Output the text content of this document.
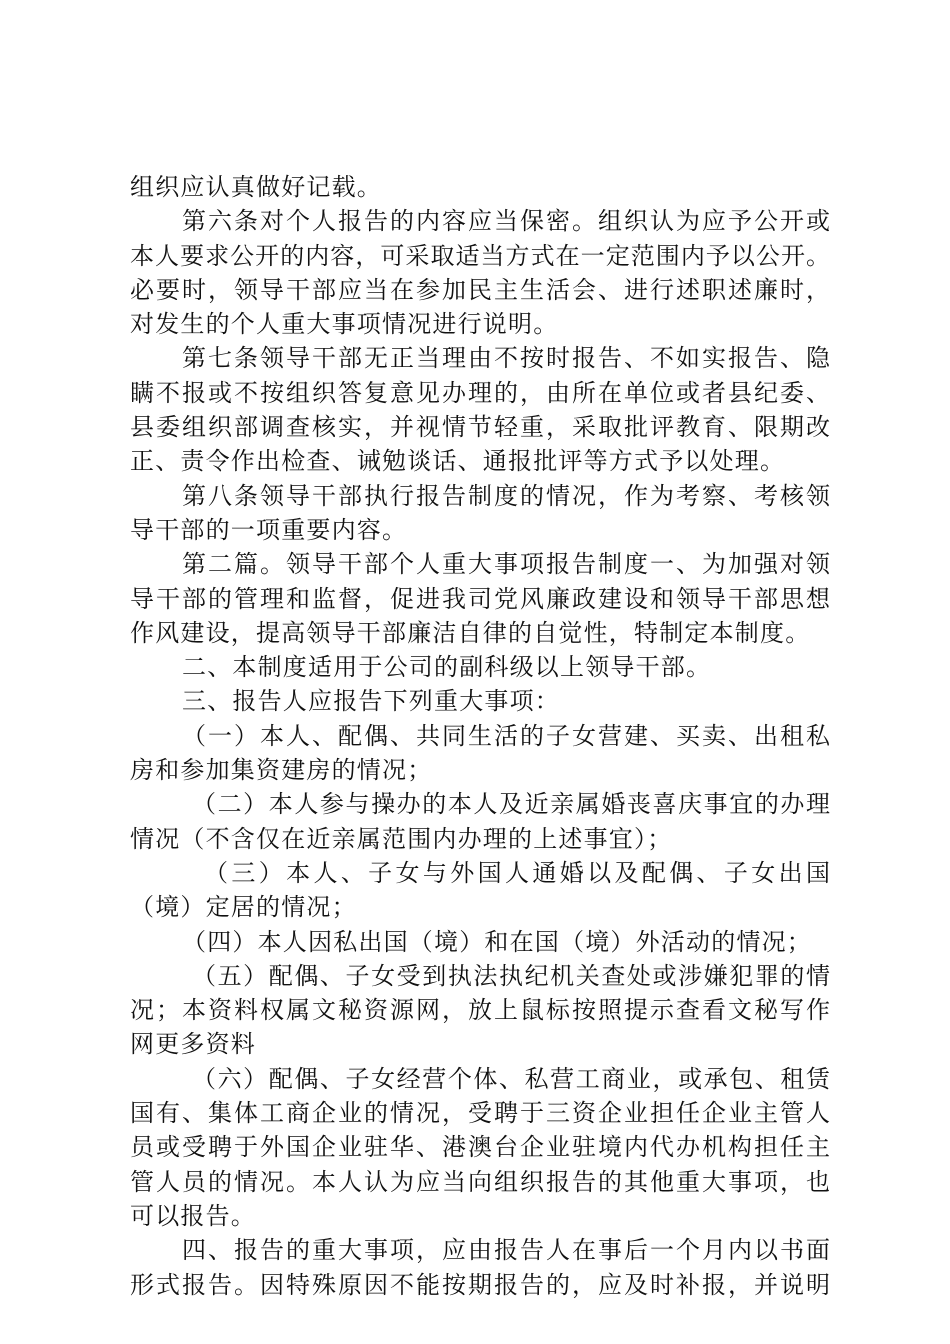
组织应认真做好记载。
第六条对个人报告的内容应当保密。组织认为应予公开或
本人要求公开的内容，可采取适当方式在一定范围内予以公开。
必要时，领导干部应当在参加民主生活会、进行述职述廉时，
对发生的个人重大事项情况进行说明。
第七条领导干部无正当理由不按时报告、不如实报告、隐
瞒不报或不按组织答复意见办理的，由所在单位或者县纪委、
县委组织部调查核实，并视情节轻重，采取批评教育、限期改
正、责令作出检查、诫勉谈话、通报批评等方式予以处理。
第八条领导干部执行报告制度的情况，作为考察、考核领
导干部的一项重要内容。
第二篇。领导干部个人重大事项报告制度一、为加强对领
导干部的管理和监督，促进我司党风廉政建设和领导干部思想
作风建设，提高领导干部廉洁自律的自觉性，特制定本制度。
二、本制度适用于公司的副科级以上领导干部。
三、报告人应报告下列重大事项：
（一）本人、配偶、共同生活的子女营建、买卖、出租私
房和参加集资建房的情况；
（二）本人参与操办的本人及近亲属婚丧喜庆事宜的办理
情况（不含仅在近亲属范围内办理的上述事宜）；
（三）本人、子女与外国人通婚以及配偶、子女出国
（境）定居的情况；
（四）本人因私出国（境）和在国（境）外活动的情况；
（五）配偶、子女受到执法执纪机关查处或涉嫌犯罪的情
况；本资料权属文秘资源网，放上鼠标按照提示查看文秘写作
网更多资料
（六）配偶、子女经营个体、私营工商业，或承包、租赁
国有、集体工商企业的情况，受聘于三资企业担任企业主管人
员或受聘于外国企业驻华、港澳台企业驻境内代办机构担任主
管人员的情况。本人认为应当向组织报告的其他重大事项，也
可以报告。
四、报告的重大事项，应由报告人在事后一个月内以书面
形式报告。因特殊原因不能按期报告的，应及时补报，并说明
